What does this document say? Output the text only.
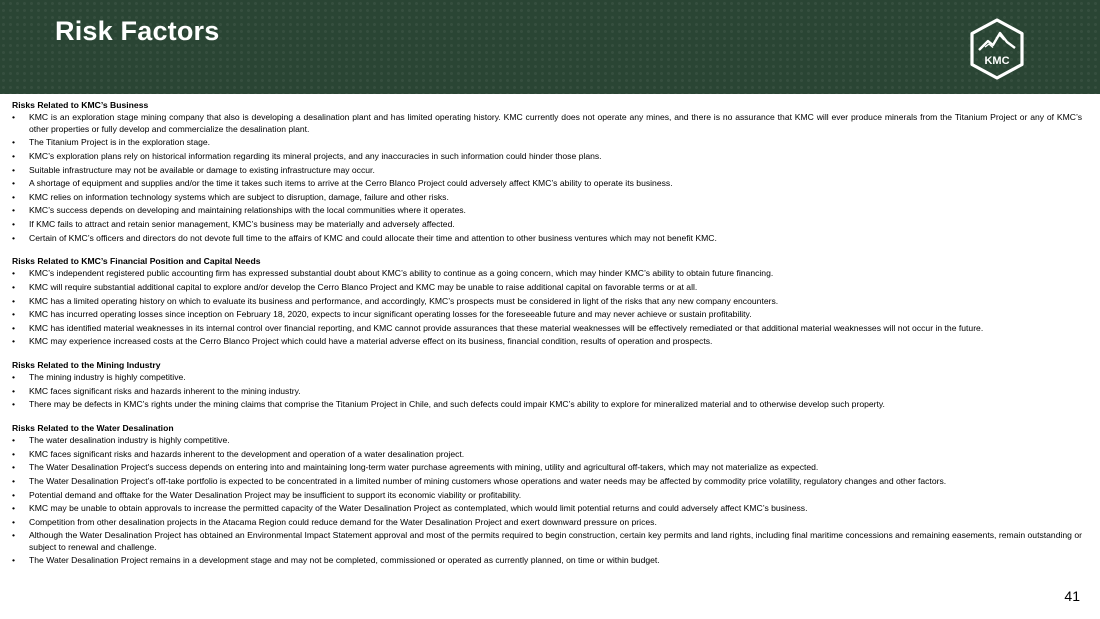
Risk Factors
KMC
Risks Related to KMC’s Business
•	KMC is an exploration stage mining company that also is developing a desalination plant and has limited operating history. KMC currently does not operate any mines, and there is no assurance that KMC will ever produce minerals from the Titanium Project or any of KMC’s other properties or fully develop and commercialize the desalination plant.
•	The Titanium Project is in the exploration stage.
•	KMC’s exploration plans rely on historical information regarding its mineral projects, and any inaccuracies in such information could hinder those plans.
•	Suitable infrastructure may not be available or damage to existing infrastructure may occur.
•	A shortage of equipment and supplies and/or the time it takes such items to arrive at the Cerro Blanco Project could adversely affect KMC’s ability to operate its business.
•	KMC relies on information technology systems which are subject to disruption, damage, failure and other risks.
•	KMC’s success depends on developing and maintaining relationships with the local communities where it operates.
•	If KMC fails to attract and retain senior management, KMC’s business may be materially and adversely affected.
•	Certain of KMC’s officers and directors do not devote full time to the affairs of KMC and could allocate their time and attention to other business ventures which may not benefit KMC.
Risks Related to KMC’s Financial Position and Capital Needs
•	KMC’s independent registered public accounting firm has expressed substantial doubt about KMC’s ability to continue as a going concern, which may hinder KMC’s ability to obtain future financing.
•	KMC will require substantial additional capital to explore and/or develop the Cerro Blanco Project and KMC may be unable to raise additional capital on favorable terms or at all.
•	KMC has a limited operating history on which to evaluate its business and performance, and accordingly, KMC’s prospects must be considered in light of the risks that any new company encounters.
•	KMC has incurred operating losses since inception on February 18, 2020, expects to incur significant operating losses for the foreseeable future and may never achieve or sustain profitability.
•	KMC has identified material weaknesses in its internal control over financial reporting, and KMC cannot provide assurances that these material weaknesses will be effectively remediated or that additional material weaknesses will not occur in the future.
•	KMC may experience increased costs at the Cerro Blanco Project which could have a material adverse effect on its business, financial condition, results of operation and prospects.
Risks Related to the Mining Industry
•	The mining industry is highly competitive.
•	KMC faces significant risks and hazards inherent to the mining industry.
•	There may be defects in KMC’s rights under the mining claims that comprise the Titanium Project in Chile, and such defects could impair KMC’s ability to explore for mineralized material and to otherwise develop such property.
Risks Related to the Water Desalination
•	The water desalination industry is highly competitive.
•	KMC faces significant risks and hazards inherent to the development and operation of a water desalination project.
•	The Water Desalination Project's success depends on entering into and maintaining long-term water purchase agreements with mining, utility and agricultural off-takers, which may not materialize as expected.
•	The Water Desalination Project’s off-take portfolio is expected to be concentrated in a limited number of mining customers whose operations and water needs may be affected by commodity price volatility, regulatory changes and other factors.
•	Potential demand and offtake for the Water Desalination Project may be insufficient to support its economic viability or profitability.
•	KMC may be unable to obtain approvals to increase the permitted capacity of the Water Desalination Project as contemplated, which would limit potential returns and could adversely affect KMC’s business.
•	Competition from other desalination projects in the Atacama Region could reduce demand for the Water Desalination Project and exert downward pressure on prices.
•	Although the Water Desalination Project has obtained an Environmental Impact Statement approval and most of the permits required to begin construction, certain key permits and land rights, including final maritime concessions and remaining easements, remain outstanding or subject to renewal and challenge.
•	The Water Desalination Project remains in a development stage and may not be completed, commissioned or operated as currently planned, on time or within budget.
41
